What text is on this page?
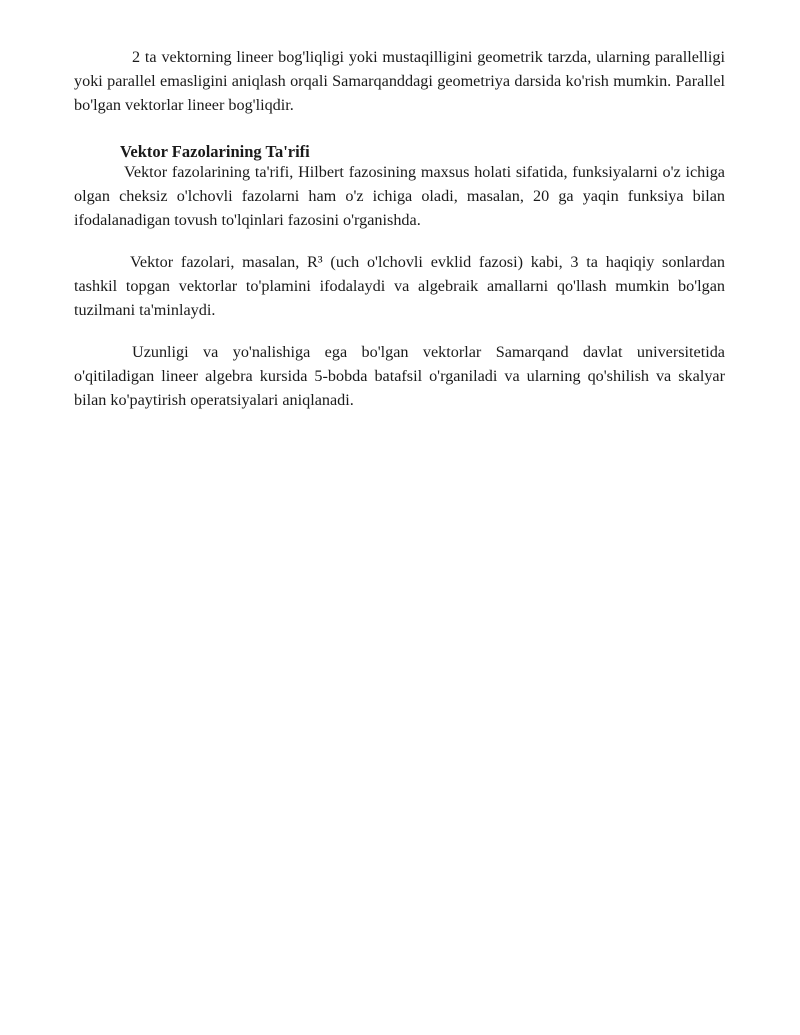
2 ta vektorning lineer bog'liqligi yoki mustaqilligini geometrik tarzda, ularning parallelligi yoki parallel emasligini aniqlash orqali Samarqanddagi geometriya darsida ko'rish mumkin. Parallel bo'lgan vektorlar lineer bog'liqdir.

Vektor Fazolarining Ta'rifi

Vektor fazolarining ta'rifi, Hilbert fazosining maxsus holati sifatida, funksiyalarni o'z ichiga olgan cheksiz o'lchovli fazolarni ham o'z ichiga oladi, masalan, 20 ga yaqin funksiya bilan ifodalanadigan tovush to'lqinlari fazosini o'rganishda.

Vektor fazolari, masalan, R³ (uch o'lchovli evklid fazosi) kabi, 3 ta haqiqiy sonlardan tashkil topgan vektorlar to'plamini ifodalaydi va algebraik amallarni qo'llash mumkin bo'lgan tuzilmani ta'minlaydi.

Uzunligi va yo'nalishiga ega bo'lgan vektorlar Samarqand davlat universitetida o'qitiladigan lineer algebra kursida 5-bobda batafsil o'rganiladi va ularning qo'shilish va skalyar bilan ko'paytirish operatsiyalari aniqlanadi.
